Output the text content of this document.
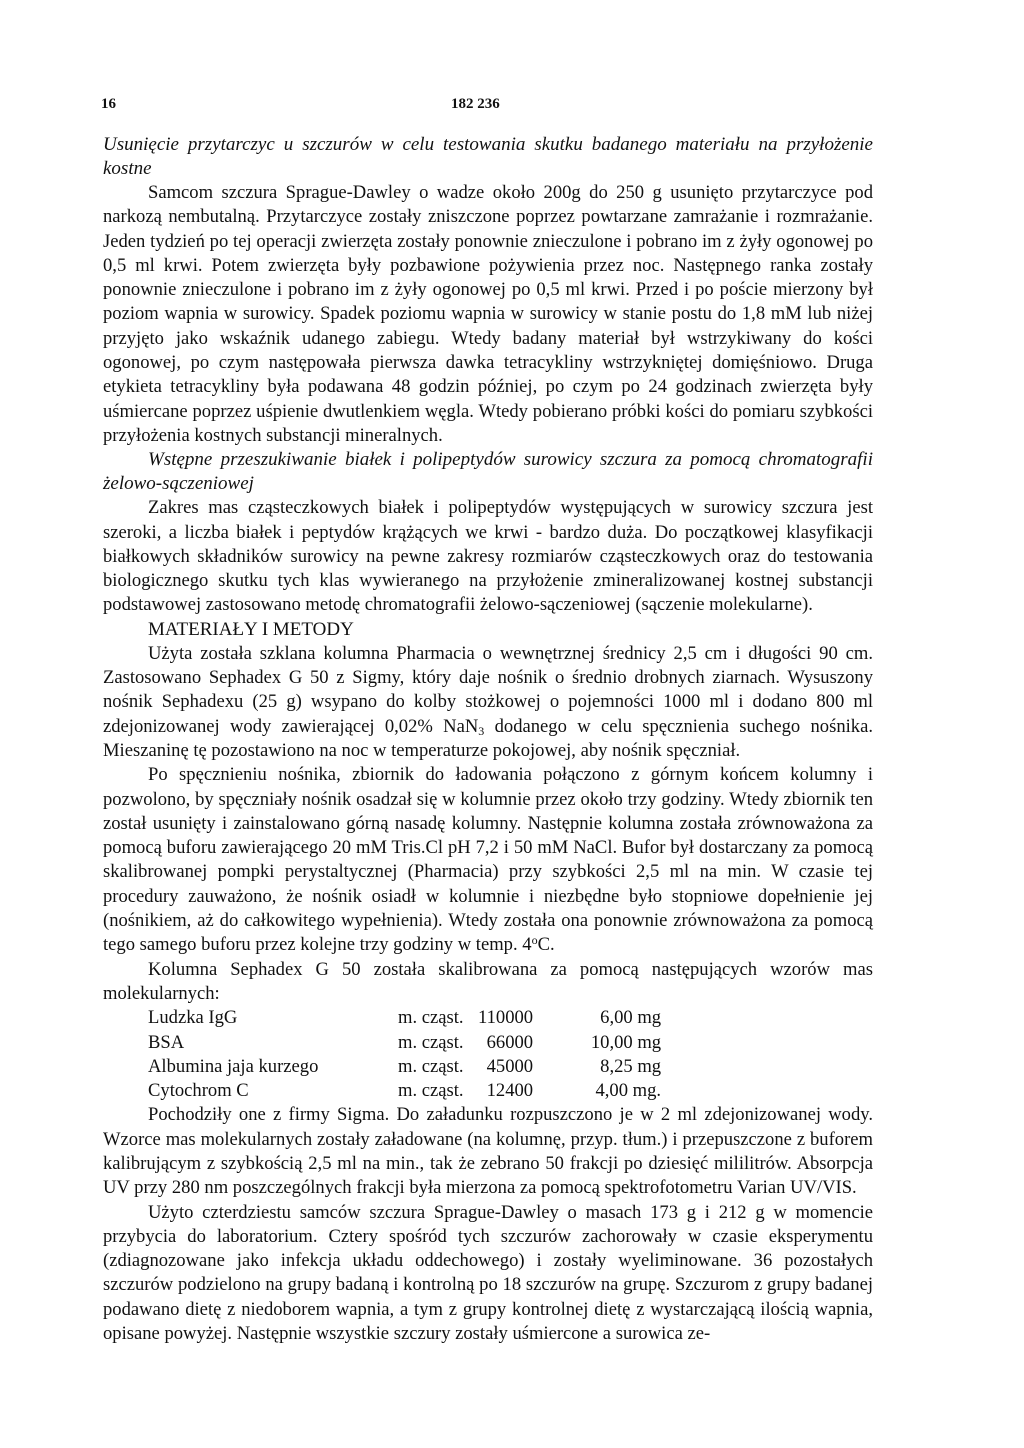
16	182 236
Usunięcie przytarczyc u szczurów w celu testowania skutku badanego materiału na przyłożenie kostne

Samcom szczura Sprague-Dawley o wadze około 200g do 250 g usunięto przytarczyce pod narkozą nembutalną. Przytarczyce zostały zniszczone poprzez powtarzane zamrażanie i rozmrażanie. Jeden tydzień po tej operacji zwierzęta zostały ponownie znieczulone i pobrano im z żyły ogonowej po 0,5 ml krwi. Potem zwierzęta były pozbawione pożywienia przez noc. Następnego ranka zostały ponownie znieczulone i pobrano im z żyły ogonowej po 0,5 ml krwi. Przed i po poście mierzony był poziom wapnia w surowicy. Spadek poziomu wapnia w surowicy w stanie postu do 1,8 mM lub niżej przyjęto jako wskaźnik udanego zabiegu. Wtedy badany materiał był wstrzykiwany do kości ogonowej, po czym następowała pierwsza dawka tetracykliny wstrzykniętej domięśniowo. Druga etykieta tetracykliny była podawana 48 godzin później, po czym po 24 godzinach zwierzęta były uśmiercane poprzez uśpienie dwutlenkiem węgla. Wtedy pobierano próbki kości do pomiaru szybkości przyłożenia kostnych substancji mineralnych.

Wstępne przeszukiwanie białek i polipeptydów surowicy szczura za pomocą chromatografii żelowo-sączeniowej

Zakres mas cząsteczkowych białek i polipeptydów występujących w surowicy szczura jest szeroki, a liczba białek i peptydów krążących we krwi - bardzo duża. Do początkowej klasyfikacji białkowych składników surowicy na pewne zakresy rozmiarów cząsteczkowych oraz do testowania biologicznego skutku tych klas wywieranego na przyłożenie zmineralizowanej kostnej substancji podstawowej zastosowano metodę chromatografii żelowo-sączeniowej (sączenie molekularne).

MATERIAŁY I METODY

Użyta została szklana kolumna Pharmacia o wewnętrznej średnicy 2,5 cm i długości 90 cm. Zastosowano Sephadex G 50 z Sigmy, który daje nośnik o średnio drobnych ziarnach. Wysuszony nośnik Sephadexu (25 g) wsypano do kolby stożkowej o pojemności 1000 ml i dodano 800 ml zdejonizowanej wody zawierającej 0,02% NaN$_3$ dodanego w celu spęcznienia suchego nośnika. Mieszaninę tę pozostawiono na noc w temperaturze pokojowej, aby nośnik spęczniał.

Po spęcznieniu nośnika, zbiornik do ładowania połączono z górnym końcem kolumny i pozwolono, by spęczniały nośnik osadzał się w kolumnie przez około trzy godziny. Wtedy zbiornik ten został usunięty i zainstalowano górną nasadę kolumny. Następnie kolumna została zrównoważona za pomocą buforu zawierającego 20 mM Tris.Cl pH 7,2 i 50 mM NaCl. Bufor był dostarczany za pomocą skalibrowanej pompki perystaltycznej (Pharmacia) przy szybkości 2,5 ml na min. W czasie tej procedury zauważono, że nośnik osiadł w kolumnie i niezbędne było stopniowe dopełnienie jej (nośnikiem, aż do całkowitego wypełnienia). Wtedy została ona ponownie zrównoważona za pomocą tego samego buforu przez kolejne trzy godziny w temp. 4$^o$C.

Kolumna Sephadex G 50 została skalibrowana za pomocą następujących wzorów mas molekularnych:

Ludzka IgG	m. cząst.	110000	6,00 mg
BSA	m. cząst.	66000	10,00 mg
Albumina jaja kurzego	m. cząst.	45000	8,25 mg
Cytochrom C	m. cząst.	12400	4,00 mg.

Pochodziły one z firmy Sigma. Do załadunku rozpuszczono je w 2 ml zdejonizowanej wody. Wzorce mas molekularnych zostały załadowane (na kolumnę, przyp. tłum.) i przepuszczone z buforem kalibrującym z szybkością 2,5 ml na min., tak że zebrano 50 frakcji po dziesięć mililitrów. Absorpcja UV przy 280 nm poszczególnych frakcji była mierzona za pomocą spektrofotometru Varian UV/VIS.

Użyto czterdziestu samców szczura Sprague-Dawley o masach 173 g i 212 g w momencie przybycia do laboratorium. Cztery spośród tych szczurów zachorowały w czasie eksperymentu (zdiagnozowane jako infekcja układu oddechowego) i zostały wyeliminowane. 36 pozostałych szczurów podzielono na grupy badaną i kontrolną po 18 szczurów na grupę. Szczurom z grupy badanej podawano dietę z niedoborem wapnia, a tym z grupy kontrolnej dietę z wystarczającą ilością wapnia, opisane powyżej. Następnie wszystkie szczury zostały uśmiercone a surowica ze-
